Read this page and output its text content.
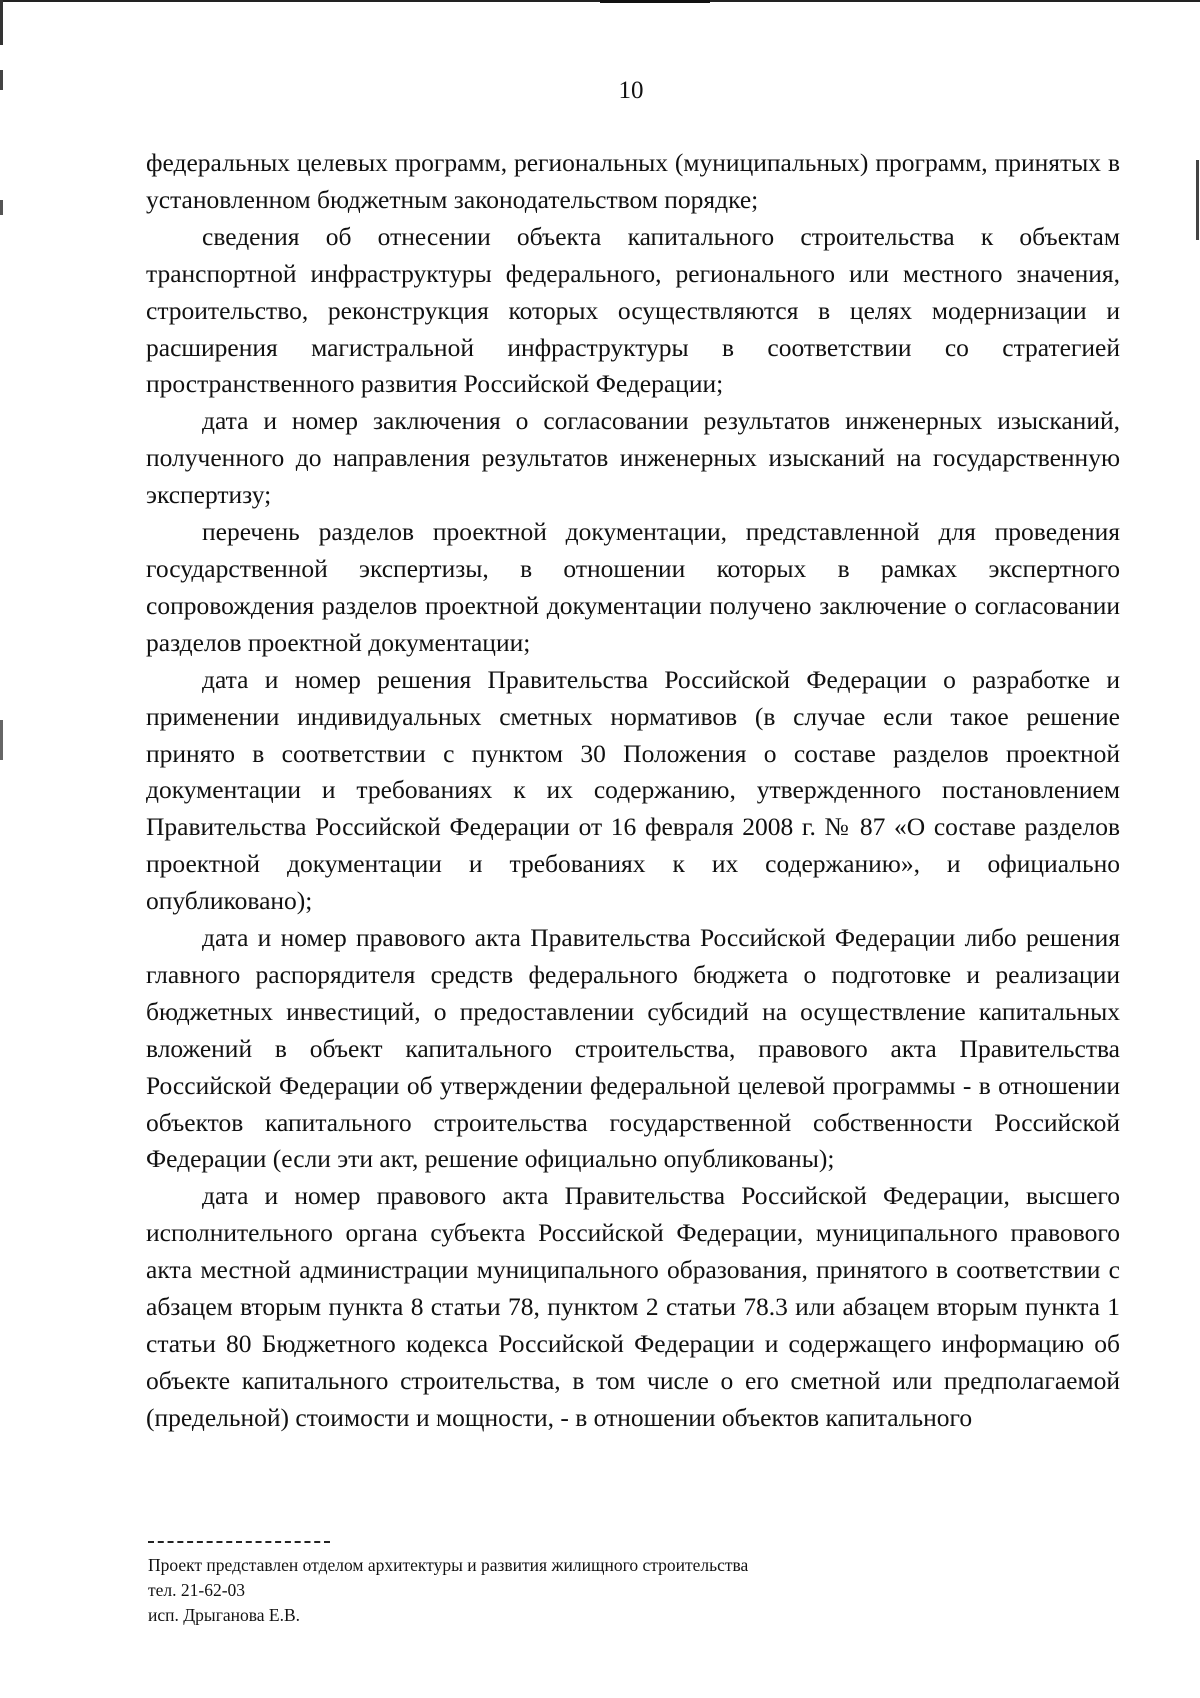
10

федеральных целевых программ, региональных (муниципальных) программ, принятых в установленном бюджетным законодательством порядке;

сведения об отнесении объекта капитального строительства к объектам транспортной инфраструктуры федерального, регионального или местного значения, строительство, реконструкция которых осуществляются в целях модернизации и расширения магистральной инфраструктуры в соответствии со стратегией пространственного развития Российской Федерации;

дата и номер заключения о согласовании результатов инженерных изысканий, полученного до направления результатов инженерных изысканий на государственную экспертизу;

перечень разделов проектной документации, представленной для проведения государственной экспертизы, в отношении которых в рамках экспертного сопровождения разделов проектной документации получено заключение о согласовании разделов проектной документации;

дата и номер решения Правительства Российской Федерации о разработке и применении индивидуальных сметных нормативов (в случае если такое решение принято в соответствии с пунктом 30 Положения о составе разделов проектной документации и требованиях к их содержанию, утвержденного постановлением Правительства Российской Федерации от 16 февраля 2008 г. № 87 «О составе разделов проектной документации и требованиях к их содержанию», и официально опубликовано);

дата и номер правового акта Правительства Российской Федерации либо решения главного распорядителя средств федерального бюджета о подготовке и реализации бюджетных инвестиций, о предоставлении субсидий на осуществление капитальных вложений в объект капитального строительства, правового акта Правительства Российской Федерации об утверждении федеральной целевой программы - в отношении объектов капитального строительства государственной собственности Российской Федерации (если эти акт, решение официально опубликованы);

дата и номер правового акта Правительства Российской Федерации, высшего исполнительного органа субъекта Российской Федерации, муниципального правового акта местной администрации муниципального образования, принятого в соответствии с абзацем вторым пункта 8 статьи 78, пунктом 2 статьи 78.3 или абзацем вторым пункта 1 статьи 80 Бюджетного кодекса Российской Федерации и содержащего информацию об объекте капитального строительства, в том числе о его сметной или предполагаемой (предельной) стоимости и мощности, - в отношении объектов капитального

Проект представлен отделом архитектуры и развития жилищного строительства
тел. 21-62-03
исп. Дрыганова Е.В.
